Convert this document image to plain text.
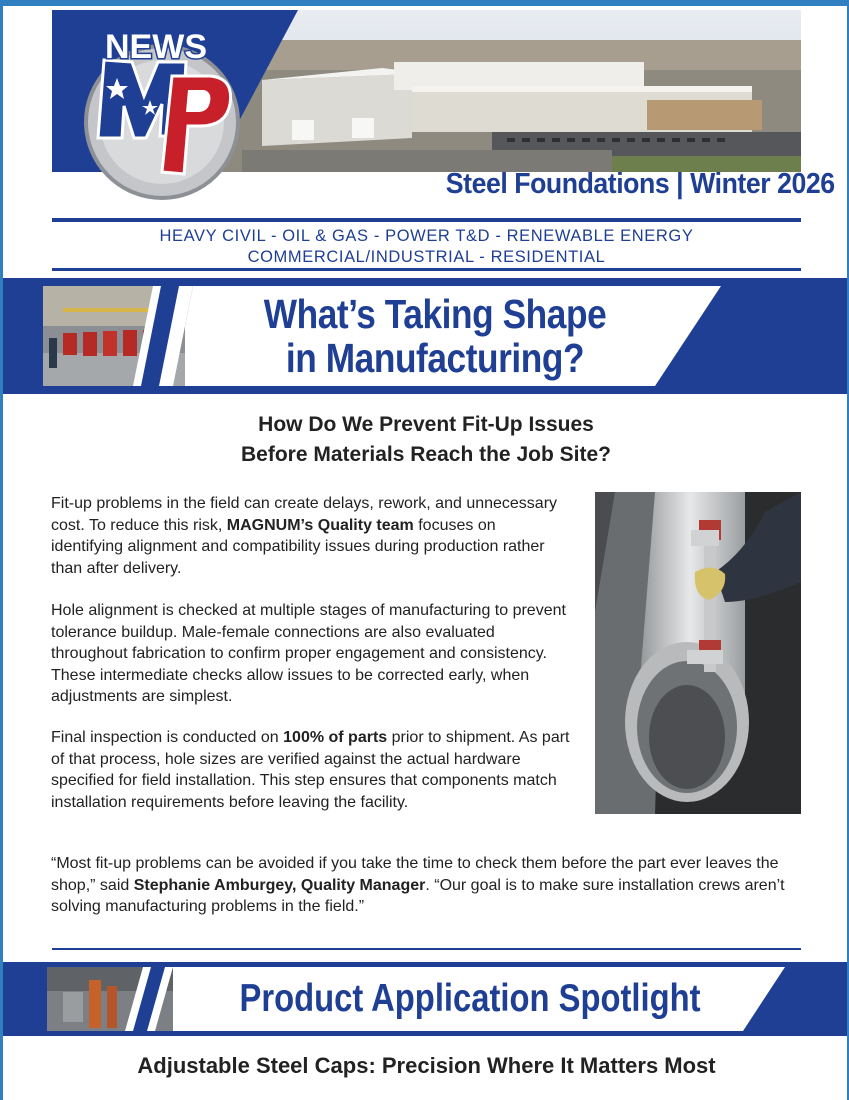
Steel Foundations | Winter 2026
NEWS
MP
HEAVY CIVIL - OIL & GAS - POWER T&D - RENEWABLE ENERGY
COMMERCIAL/INDUSTRIAL - RESIDENTIAL
What’s Taking Shape
in Manufacturing?
How Do We Prevent Fit-Up Issues
Before Materials Reach the Job Site?

Fit-up problems in the field can create delays, rework, and unnecessary cost. To reduce this risk, MAGNUM’s Quality team focuses on identifying alignment and compatibility issues during production rather than after delivery.

Hole alignment is checked at multiple stages of manufacturing to prevent tolerance buildup. Male-female connections are also evaluated throughout fabrication to confirm proper engagement and consistency. These intermediate checks allow issues to be corrected early, when adjustments are simplest.

Final inspection is conducted on 100% of parts prior to shipment. As part of that process, hole sizes are verified against the actual hardware specified for field installation. This step ensures that components match installation requirements before leaving the facility.

“Most fit-up problems can be avoided if you take the time to check them before the part ever leaves the shop,” said Stephanie Amburgey, Quality Manager. “Our goal is to make sure installation crews aren’t solving manufacturing problems in the field.”

Product Application Spotlight
Adjustable Steel Caps: Precision Where It Matters Most
